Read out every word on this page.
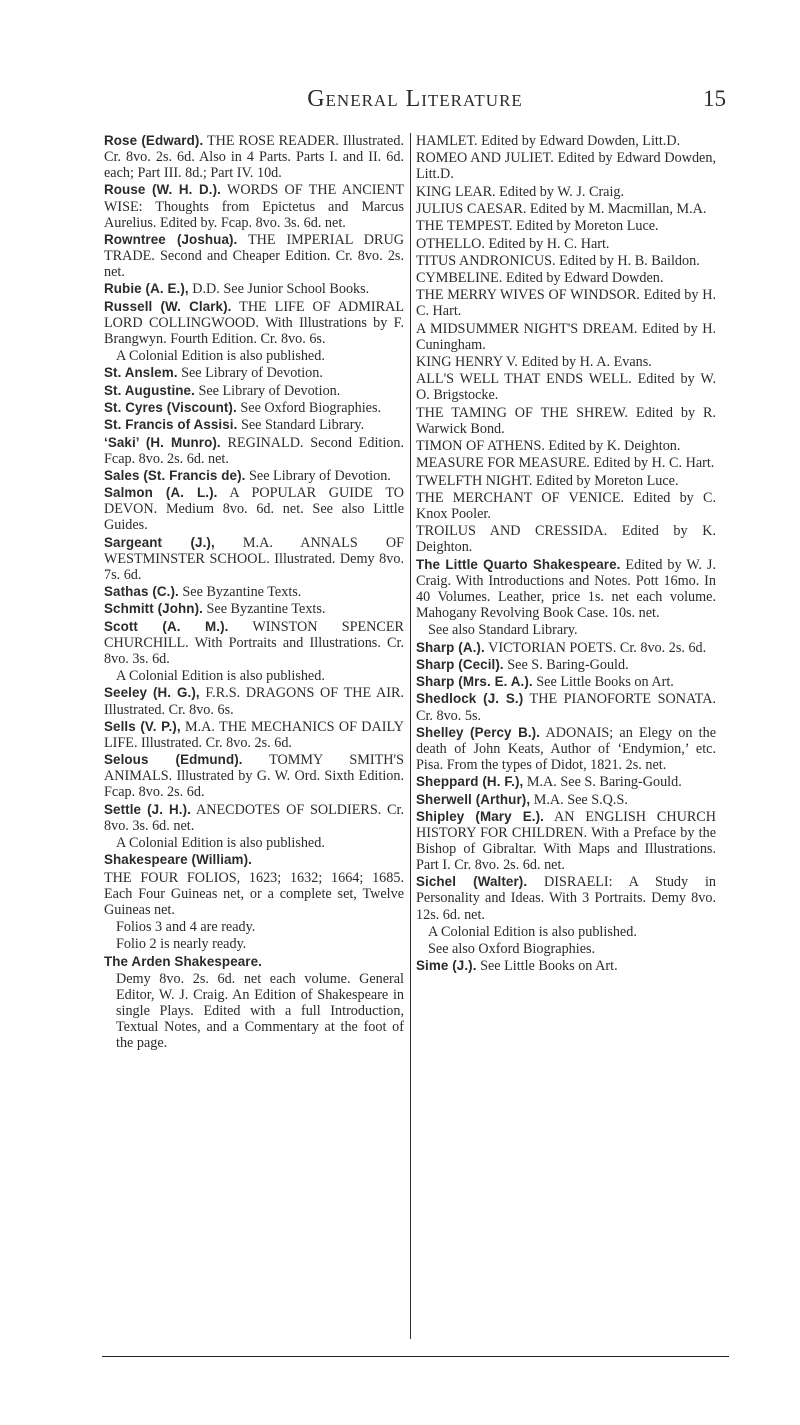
General Literature	15
Rose (Edward). THE ROSE READER. Illustrated. Cr. 8vo. 2s. 6d. Also in 4 Parts. Parts I. and II. 6d. each; Part III. 8d.; Part IV. 10d.
Rouse (W. H. D.). WORDS OF THE ANCIENT WISE: Thoughts from Epictetus and Marcus Aurelius. Edited by. Fcap. 8vo. 3s. 6d. net.
Rowntree (Joshua). THE IMPERIAL DRUG TRADE. Second and Cheaper Edition. Cr. 8vo. 2s. net.
Rubie (A. E.), D.D. See Junior School Books.
Russell (W. Clark). THE LIFE OF ADMIRAL LORD COLLINGWOOD. With Illustrations by F. Brangwyn. Fourth Edition. Cr. 8vo. 6s.
A Colonial Edition is also published.
St. Anslem. See Library of Devotion.
St. Augustine. See Library of Devotion.
St. Cyres (Viscount). See Oxford Biographies.
St. Francis of Assisi. See Standard Library.
‘Saki’ (H. Munro). REGINALD. Second Edition. Fcap. 8vo. 2s. 6d. net.
Sales (St. Francis de). See Library of Devotion.
Salmon (A. L.). A POPULAR GUIDE TO DEVON. Medium 8vo. 6d. net. See also Little Guides.
Sargeant (J.), M.A. ANNALS OF WESTMINSTER SCHOOL. Illustrated. Demy 8vo. 7s. 6d.
Sathas (C.). See Byzantine Texts.
Schmitt (John). See Byzantine Texts.
Scott (A. M.). WINSTON SPENCER CHURCHILL. With Portraits and Illustrations. Cr. 8vo. 3s. 6d.
A Colonial Edition is also published.
Seeley (H. G.), F.R.S. DRAGONS OF THE AIR. Illustrated. Cr. 8vo. 6s.
Sells (V. P.), M.A. THE MECHANICS OF DAILY LIFE. Illustrated. Cr. 8vo. 2s. 6d.
Selous (Edmund). TOMMY SMITH'S ANIMALS. Illustrated by G. W. Ord. Sixth Edition. Fcap. 8vo. 2s. 6d.
Settle (J. H.). ANECDOTES OF SOLDIERS. Cr. 8vo. 3s. 6d. net.
A Colonial Edition is also published.
Shakespeare (William).
THE FOUR FOLIOS, 1623; 1632; 1664; 1685. Each Four Guineas net, or a complete set, Twelve Guineas net.
Folios 3 and 4 are ready.
Folio 2 is nearly ready.
The Arden Shakespeare.
Demy 8vo. 2s. 6d. net each volume. General Editor, W. J. Craig. An Edition of Shakespeare in single Plays. Edited with a full Introduction, Textual Notes, and a Commentary at the foot of the page.
HAMLET. Edited by Edward Dowden, Litt.D.
ROMEO AND JULIET. Edited by Edward Dowden, Litt.D.
KING LEAR. Edited by W. J. Craig.
JULIUS CAESAR. Edited by M. Macmillan, M.A.
THE TEMPEST. Edited by Moreton Luce.
OTHELLO. Edited by H. C. Hart.
TITUS ANDRONICUS. Edited by H. B. Baildon.
CYMBELINE. Edited by Edward Dowden.
THE MERRY WIVES OF WINDSOR. Edited by H. C. Hart.
A MIDSUMMER NIGHT'S DREAM. Edited by H. Cuningham.
KING HENRY V. Edited by H. A. Evans.
ALL'S WELL THAT ENDS WELL. Edited by W. O. Brigstocke.
THE TAMING OF THE SHREW. Edited by R. Warwick Bond.
TIMON OF ATHENS. Edited by K. Deighton.
MEASURE FOR MEASURE. Edited by H. C. Hart.
TWELFTH NIGHT. Edited by Moreton Luce.
THE MERCHANT OF VENICE. Edited by C. Knox Pooler.
TROILUS AND CRESSIDA. Edited by K. Deighton.
The Little Quarto Shakespeare. Edited by W. J. Craig. With Introductions and Notes. Pott 16mo. In 40 Volumes. Leather, price 1s. net each volume. Mahogany Revolving Book Case. 10s. net.
See also Standard Library.
Sharp (A.). VICTORIAN POETS. Cr. 8vo. 2s. 6d.
Sharp (Cecil). See S. Baring-Gould.
Sharp (Mrs. E. A.). See Little Books on Art.
Shedlock (J. S.) THE PIANOFORTE SONATA. Cr. 8vo. 5s.
Shelley (Percy B.). ADONAIS; an Elegy on the death of John Keats, Author of ‘Endymion,’ etc. Pisa. From the types of Didot, 1821. 2s. net.
Sheppard (H. F.), M.A. See S. Baring-Gould.
Sherwell (Arthur), M.A. See S.Q.S.
Shipley (Mary E.). AN ENGLISH CHURCH HISTORY FOR CHILDREN. With a Preface by the Bishop of Gibraltar. With Maps and Illustrations. Part I. Cr. 8vo. 2s. 6d. net.
Sichel (Walter). DISRAELI: A Study in Personality and Ideas. With 3 Portraits. Demy 8vo. 12s. 6d. net.
A Colonial Edition is also published.
See also Oxford Biographies.
Sime (J.). See Little Books on Art.
